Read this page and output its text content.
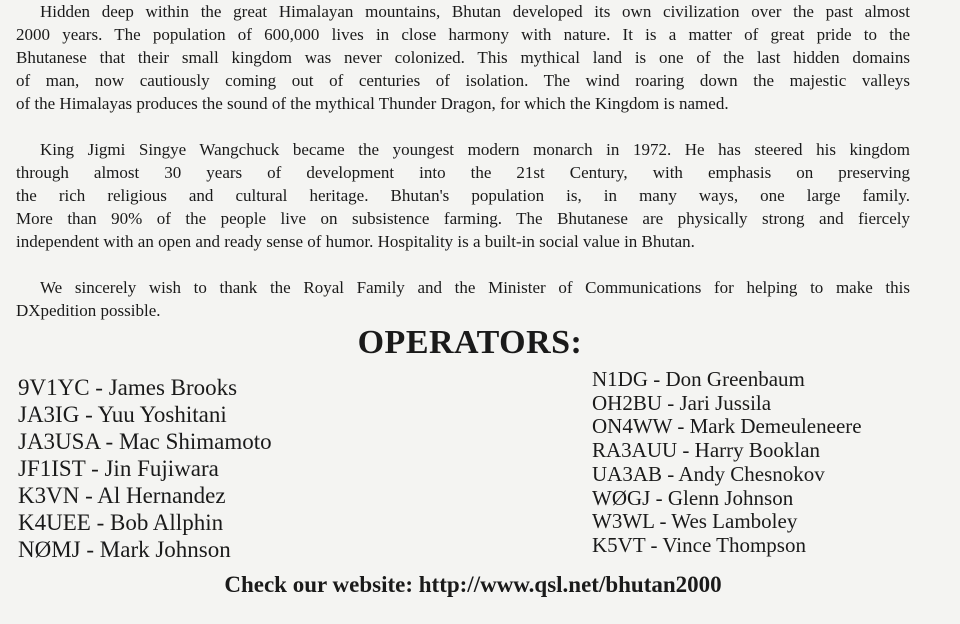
Hidden deep within the great Himalayan mountains, Bhutan developed its own civilization over the past almost
2000 years. The population of 600,000 lives in close harmony with nature. It is a matter of great pride to the
Bhutanese that their small kingdom was never colonized. This mythical land is one of the last hidden domains
of man, now cautiously coming out of centuries of isolation. The wind roaring down the majestic valleys
of the Himalayas produces the sound of the mythical Thunder Dragon, for which the Kingdom is named.
King Jigmi Singye Wangchuck became the youngest modern monarch in 1972. He has steered his kingdom
through almost 30 years of development into the 21st Century, with emphasis on preserving
the rich religious and cultural heritage. Bhutan's population is, in many ways, one large family.
More than 90% of the people live on subsistence farming. The Bhutanese are physically strong and fiercely
independent with an open and ready sense of humor. Hospitality is a built-in social value in Bhutan.
We sincerely wish to thank the Royal Family and the Minister of Communications for helping to make this
DXpedition possible.
OPERATORS:
9V1YC - James Brooks
JA3IG - Yuu Yoshitani
JA3USA - Mac Shimamoto
JF1IST - Jin Fujiwara
K3VN - Al Hernandez
K4UEE - Bob Allphin
NØMJ - Mark Johnson
N1DG - Don Greenbaum
OH2BU - Jari Jussila
ON4WW - Mark Demeuleneere
RA3AUU - Harry Booklan
UA3AB - Andy Chesnokov
WØGJ - Glenn Johnson
W3WL - Wes Lamboley
K5VT - Vince Thompson
Check our website: http://www.qsl.net/bhutan2000
